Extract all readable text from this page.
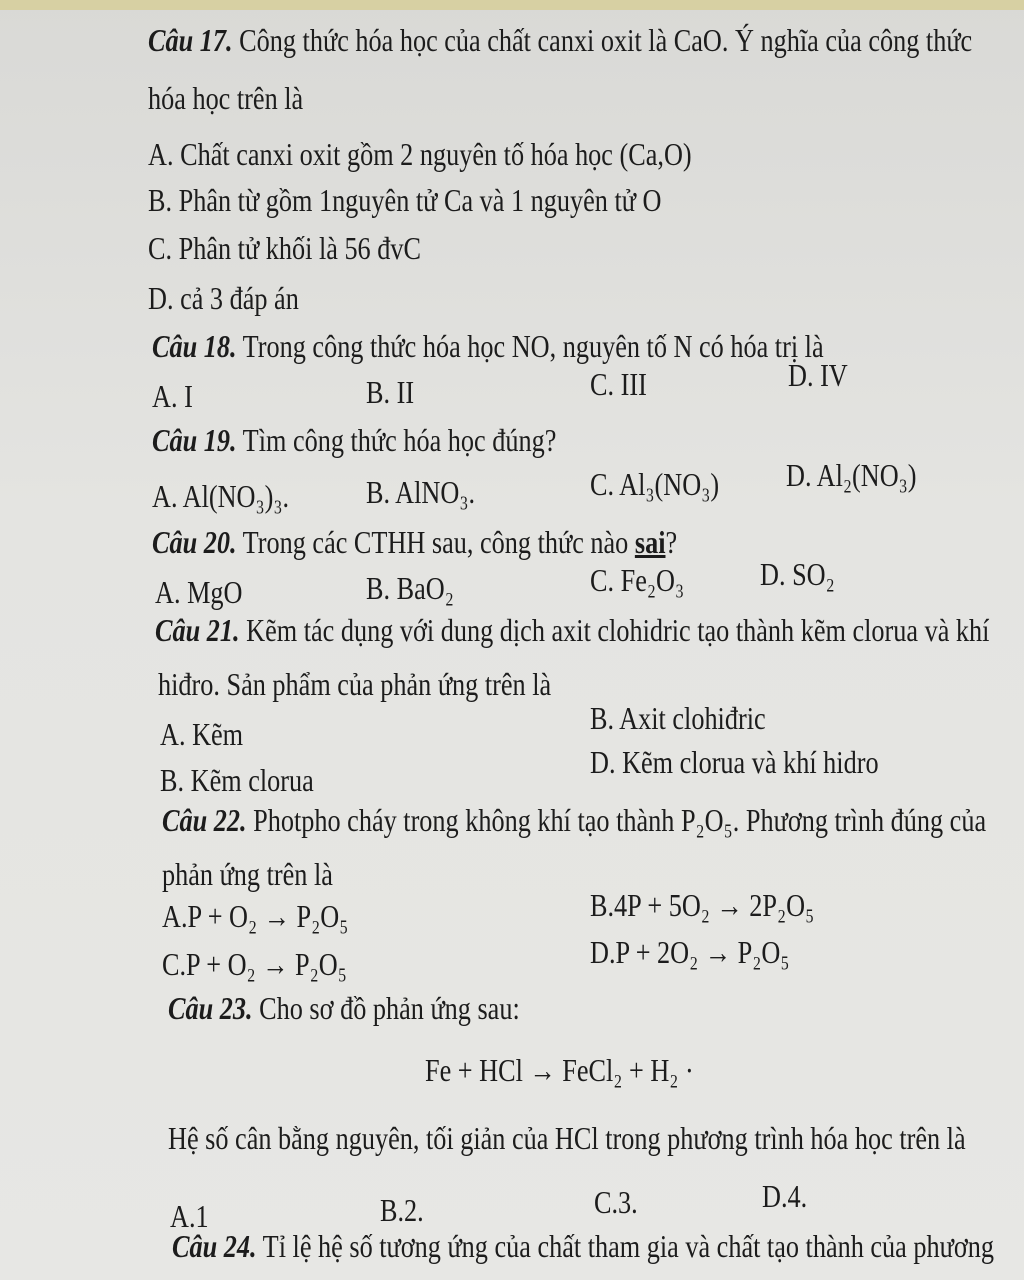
Câu 17. Công thức hóa học của chất canxi oxit là CaO. Ý nghĩa của công thức
hóa học trên là
A. Chất canxi oxit gồm 2 nguyên tố hóa học (Ca,O)
B. Phân từ gồm 1nguyên tử Ca và 1 nguyên tử O
C. Phân tử khối là 56 đvC
D. cả 3 đáp án
Câu 18. Trong công thức hóa học NO, nguyên tố N có hóa trị là
A. I	B. II	C. III	D. IV
Câu 19. Tìm công thức hóa học đúng?
A. Al(NO₃)₃. B. AlNO₃.	C. Al₃(NO₃) D. Al₂(NO₃)
Câu 20. Trong các CTHH sau, công thức nào sai?
A. MgO	B. BaO₂	C. Fe₂O₃ D. SO₂
Câu 21. Kẽm tác dụng với dung dịch axit clohidric tạo thành kẽm clorua và khí
hiđro. Sản phẩm của phản ứng trên là
A. Kẽm	B. Axit clohiđric
B. Kẽm clorua	D. Kẽm clorua và khí hidro
Câu 22. Photpho cháy trong không khí tạo thành P₂O₅. Phương trình đúng của
phản ứng trên là
A.P + O₂ → P₂O₅	B.4P + 5O₂ → 2P₂O₅
C.P + O₂ → P₂O₅	D.P + 2O₂ → P₂O₅
Câu 23. Cho sơ đồ phản ứng sau:
Fe + HCl → FeCl₂ + H₂ ·
Hệ số cân bằng nguyên, tối giản của HCl trong phương trình hóa học trên là
A.1	B.2.	C.3.	D.4.
Câu 24. Tỉ lệ hệ số tương ứng của chất tham gia và chất tạo thành của phương
